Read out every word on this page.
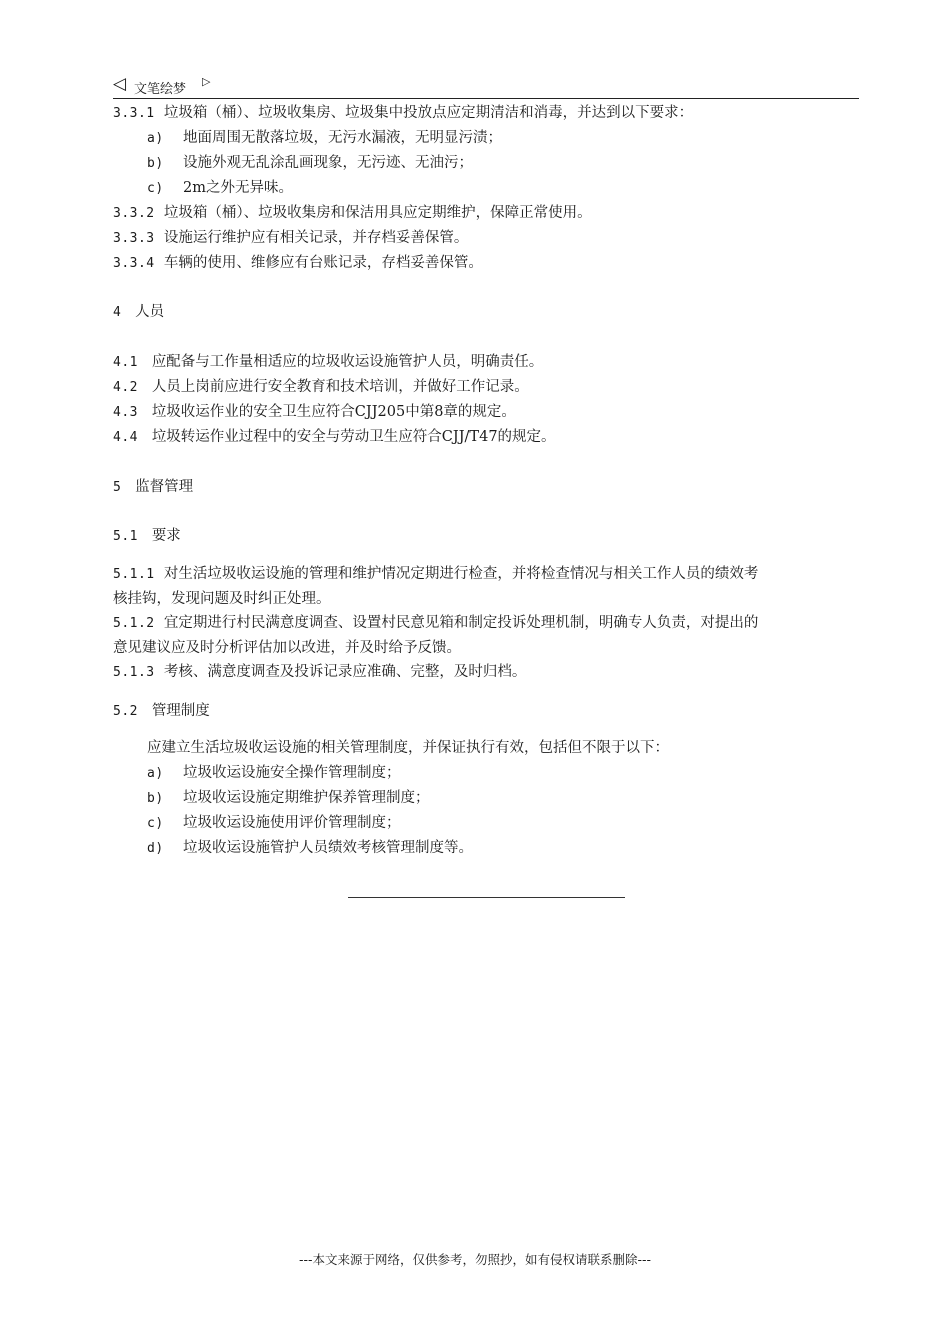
◁ 文笔绘梦
▷
3.3.1 垃圾箱（桶）、垃圾收集房、垃圾集中投放点应定期清洁和消毒，并达到以下要求：
a) 地面周围无散落垃圾，无污水漏液，无明显污渍；
b) 设施外观无乱涂乱画现象，无污迹、无油污；
c) 2m之外无异味。
3.3.2 垃圾箱（桶）、垃圾收集房和保洁用具应定期维护，保障正常使用。
3.3.3 设施运行维护应有相关记录，并存档妥善保管。
3.3.4 车辆的使用、维修应有台账记录，存档妥善保管。
4 人员
4.1 应配备与工作量相适应的垃圾收运设施管护人员，明确责任。
4.2 人员上岗前应进行安全教育和技术培训，并做好工作记录。
4.3 垃圾收运作业的安全卫生应符合CJJ205中第8章的规定。
4.4 垃圾转运作业过程中的安全与劳动卫生应符合CJJ/T47的规定。
5 监督管理
5.1 要求
5.1.1 对生活垃圾收运设施的管理和维护情况定期进行检查，并将检查情况与相关工作人员的绩效考
核挂钩，发现问题及时纠正处理。
5.1.2 宜定期进行村民满意度调查、设置村民意见箱和制定投诉处理机制，明确专人负责，对提出的
意见建议应及时分析评估加以改进，并及时给予反馈。
5.1.3 考核、满意度调查及投诉记录应准确、完整，及时归档。
5.2 管理制度
应建立生活垃圾收运设施的相关管理制度，并保证执行有效，包括但不限于以下：
a) 垃圾收运设施安全操作管理制度；
b) 垃圾收运设施定期维护保养管理制度；
c) 垃圾收运设施使用评价管理制度；
d) 垃圾收运设施管护人员绩效考核管理制度等。
---本文来源于网络，仅供参考，勿照抄，如有侵权请联系删除---
